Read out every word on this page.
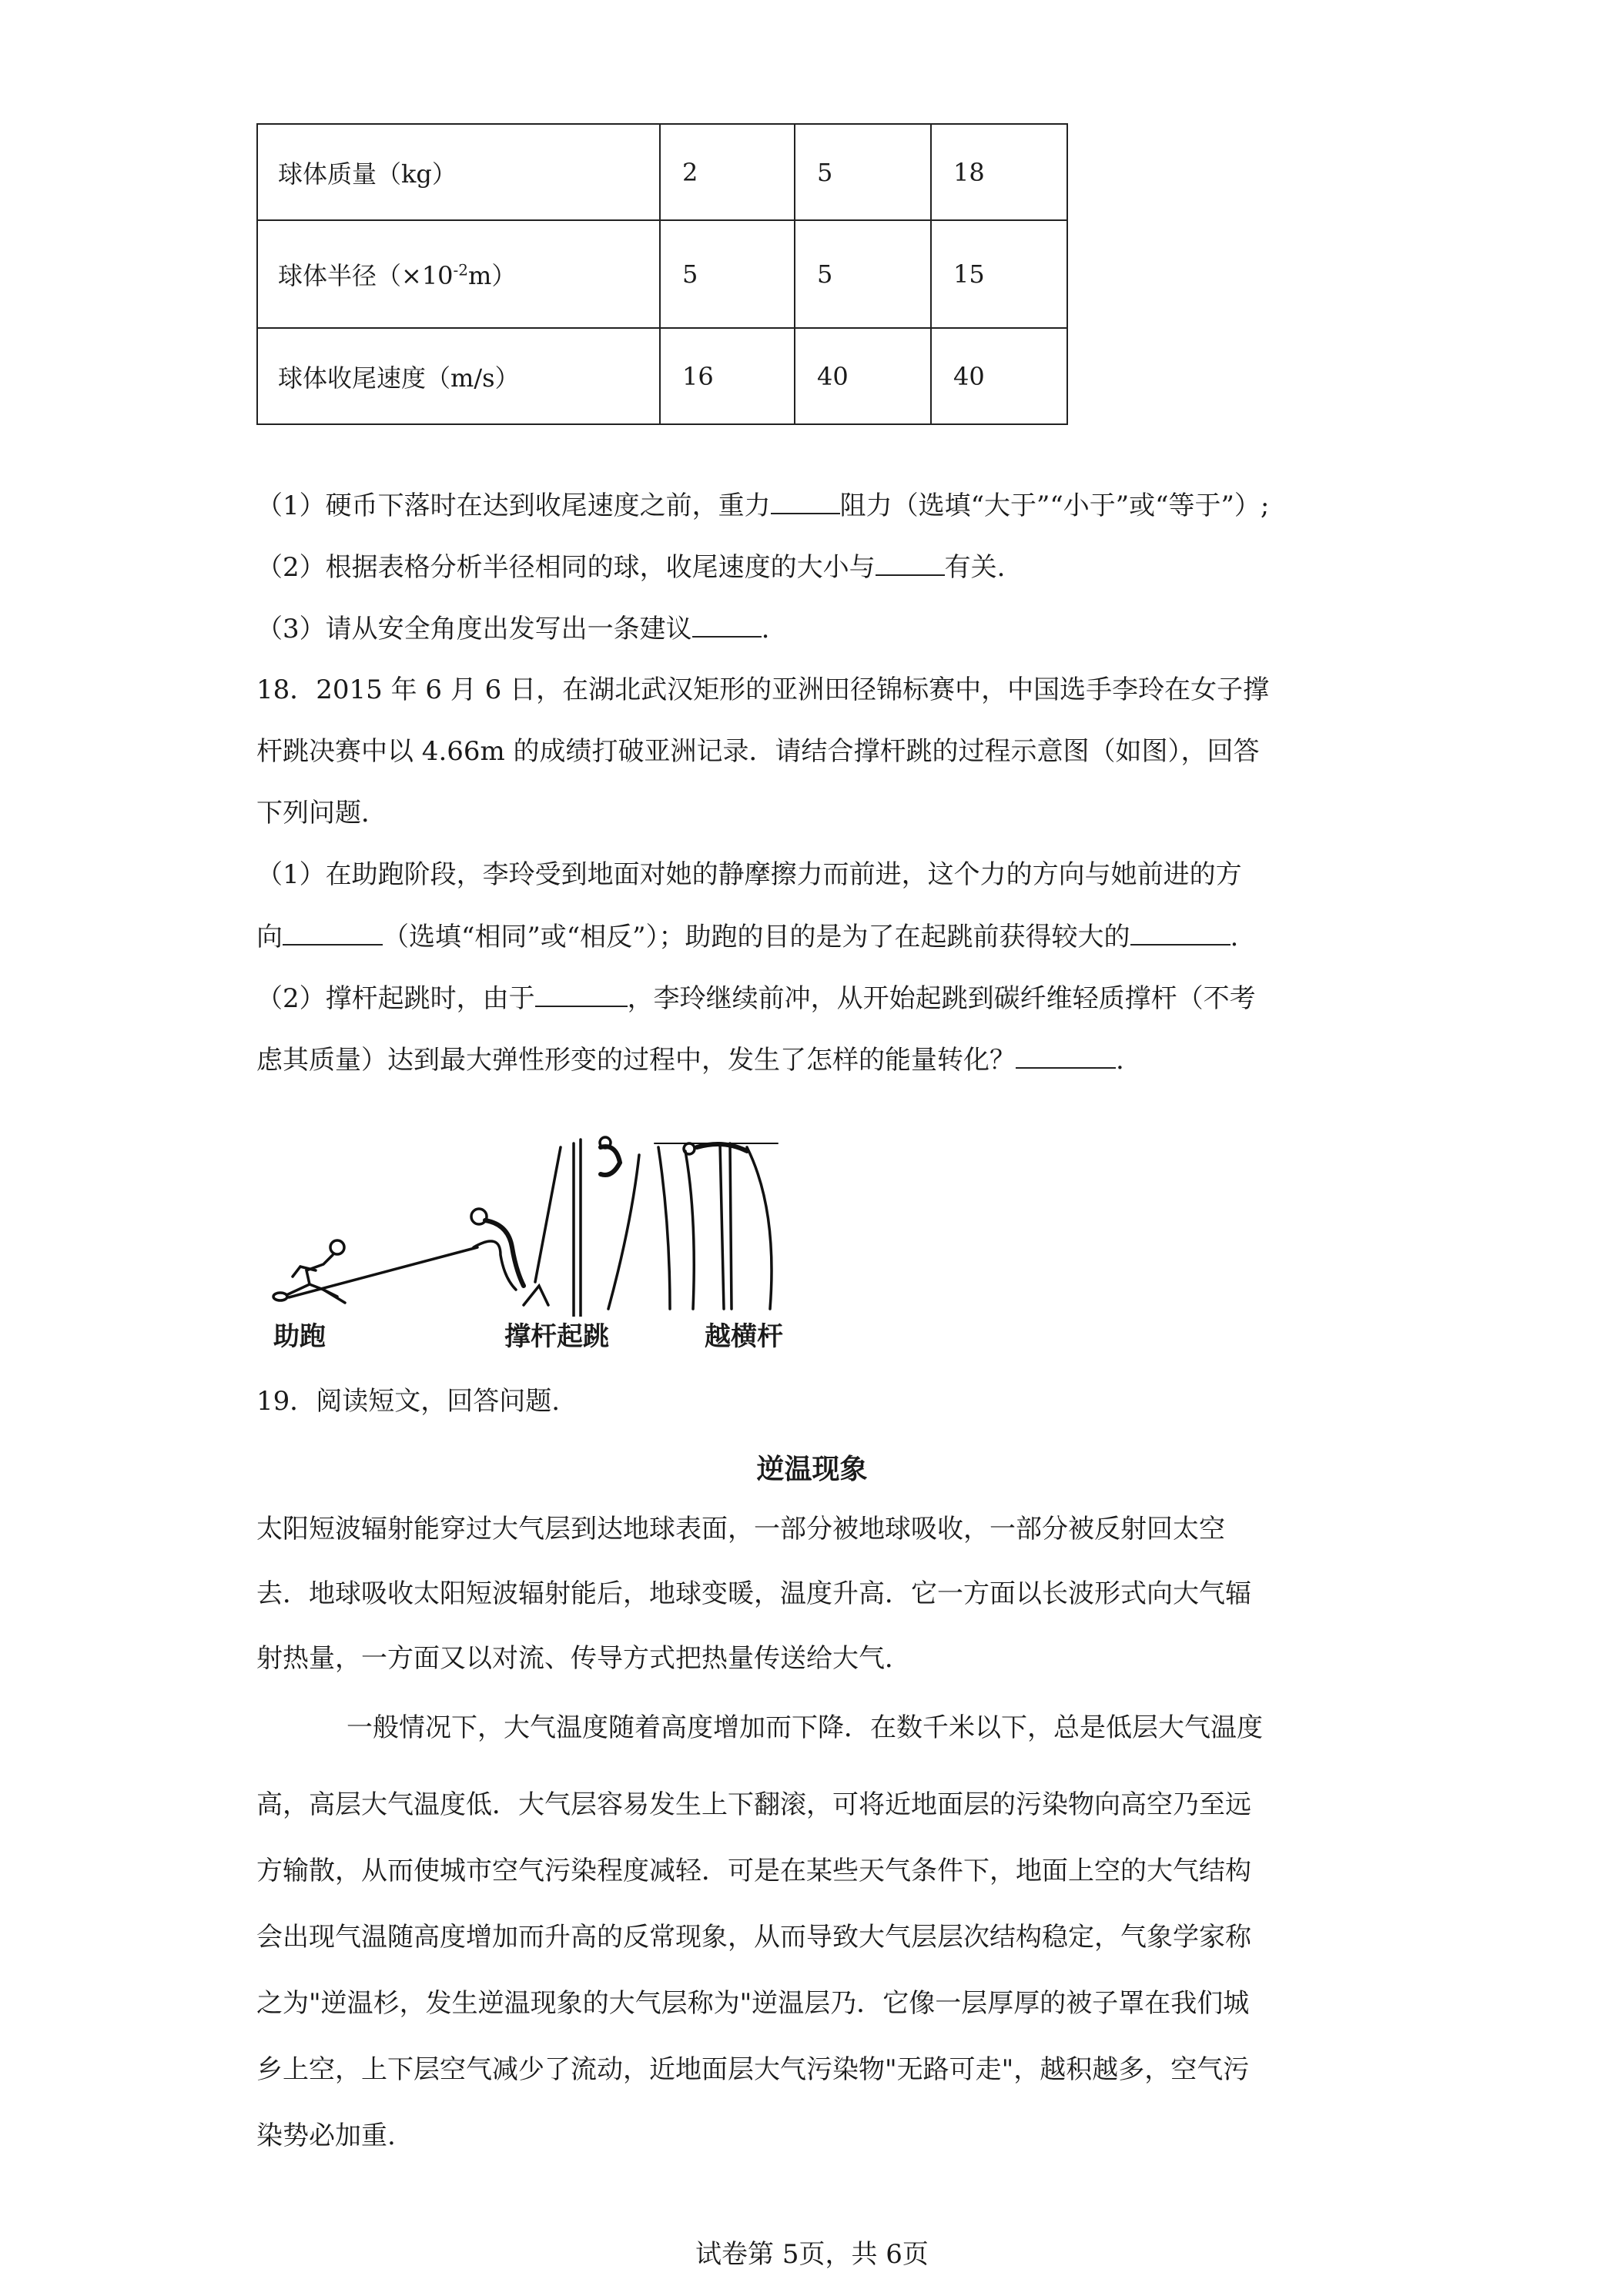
球体质量（kg）	2	5	18
球体半径$(\times 10^{-2}m)$	5	5	15
球体收尾速度（m/s）	16	40	40
（1）硬币下落时在达到收尾速度之前，重力	阻力（选填“大于”“小于”或“等于”）;
（2）根据表格分析半径相同的球，收尾速度的大小与	有关.
（3）请从安全角度出发写出一条建议	.
18．2015 年 6 月 6 日，在湖北武汉矩形的亚洲田径锦标赛中，中国选手李玲在女子撑
杆跳决赛中以 4.66m 的成绩打破亚洲记录．请结合撑杆跳的过程示意图（如图），回答
下列问题．
（1）在助跑阶段，李玲受到地面对她的静摩擦力而前进，这个力的方向与她前进的方
向	（选填“相同”或“相反”）；助跑的目的是为了在起跳前获得较大的	.
（2）撑杆起跳时，由于	，李玲继续前冲，从开始起跳到碳纤维轻质撑杆（不考
虑其质量）达到最大弹性形变的过程中，发生了怎样的能量转化？	.
助跑	撑杆起跳	越横杆
19．阅读短文，回答问题.
逆温现象
太阳短波辐射能穿过大气层到达地球表面，一部分被地球吸收，一部分被反射回太空
去．地球吸收太阳短波辐射能后，地球变暖，温度升高．它一方面以长波形式向大气辐
射热量，一方面又以对流、传导方式把热量传送给大气．
一般情况下，大气温度随着高度增加而下降．在数千米以下，总是低层大气温度
高，高层大气温度低．大气层容易发生上下翻滚，可将近地面层的污染物向高空乃至远
方输散，从而使城市空气污染程度减轻．可是在某些天气条件下，地面上空的大气结构
会出现气温随高度增加而升高的反常现象，从而导致大气层层次结构稳定，气象学家称
之为"逆温杉，发生逆温现象的大气层称为"逆温层乃．它像一层厚厚的被子罩在我们城
乡上空，上下层空气减少了流动，近地面层大气污染物"无路可走"，越积越多，空气污
染势必加重.
试卷第 5页，共 6页
